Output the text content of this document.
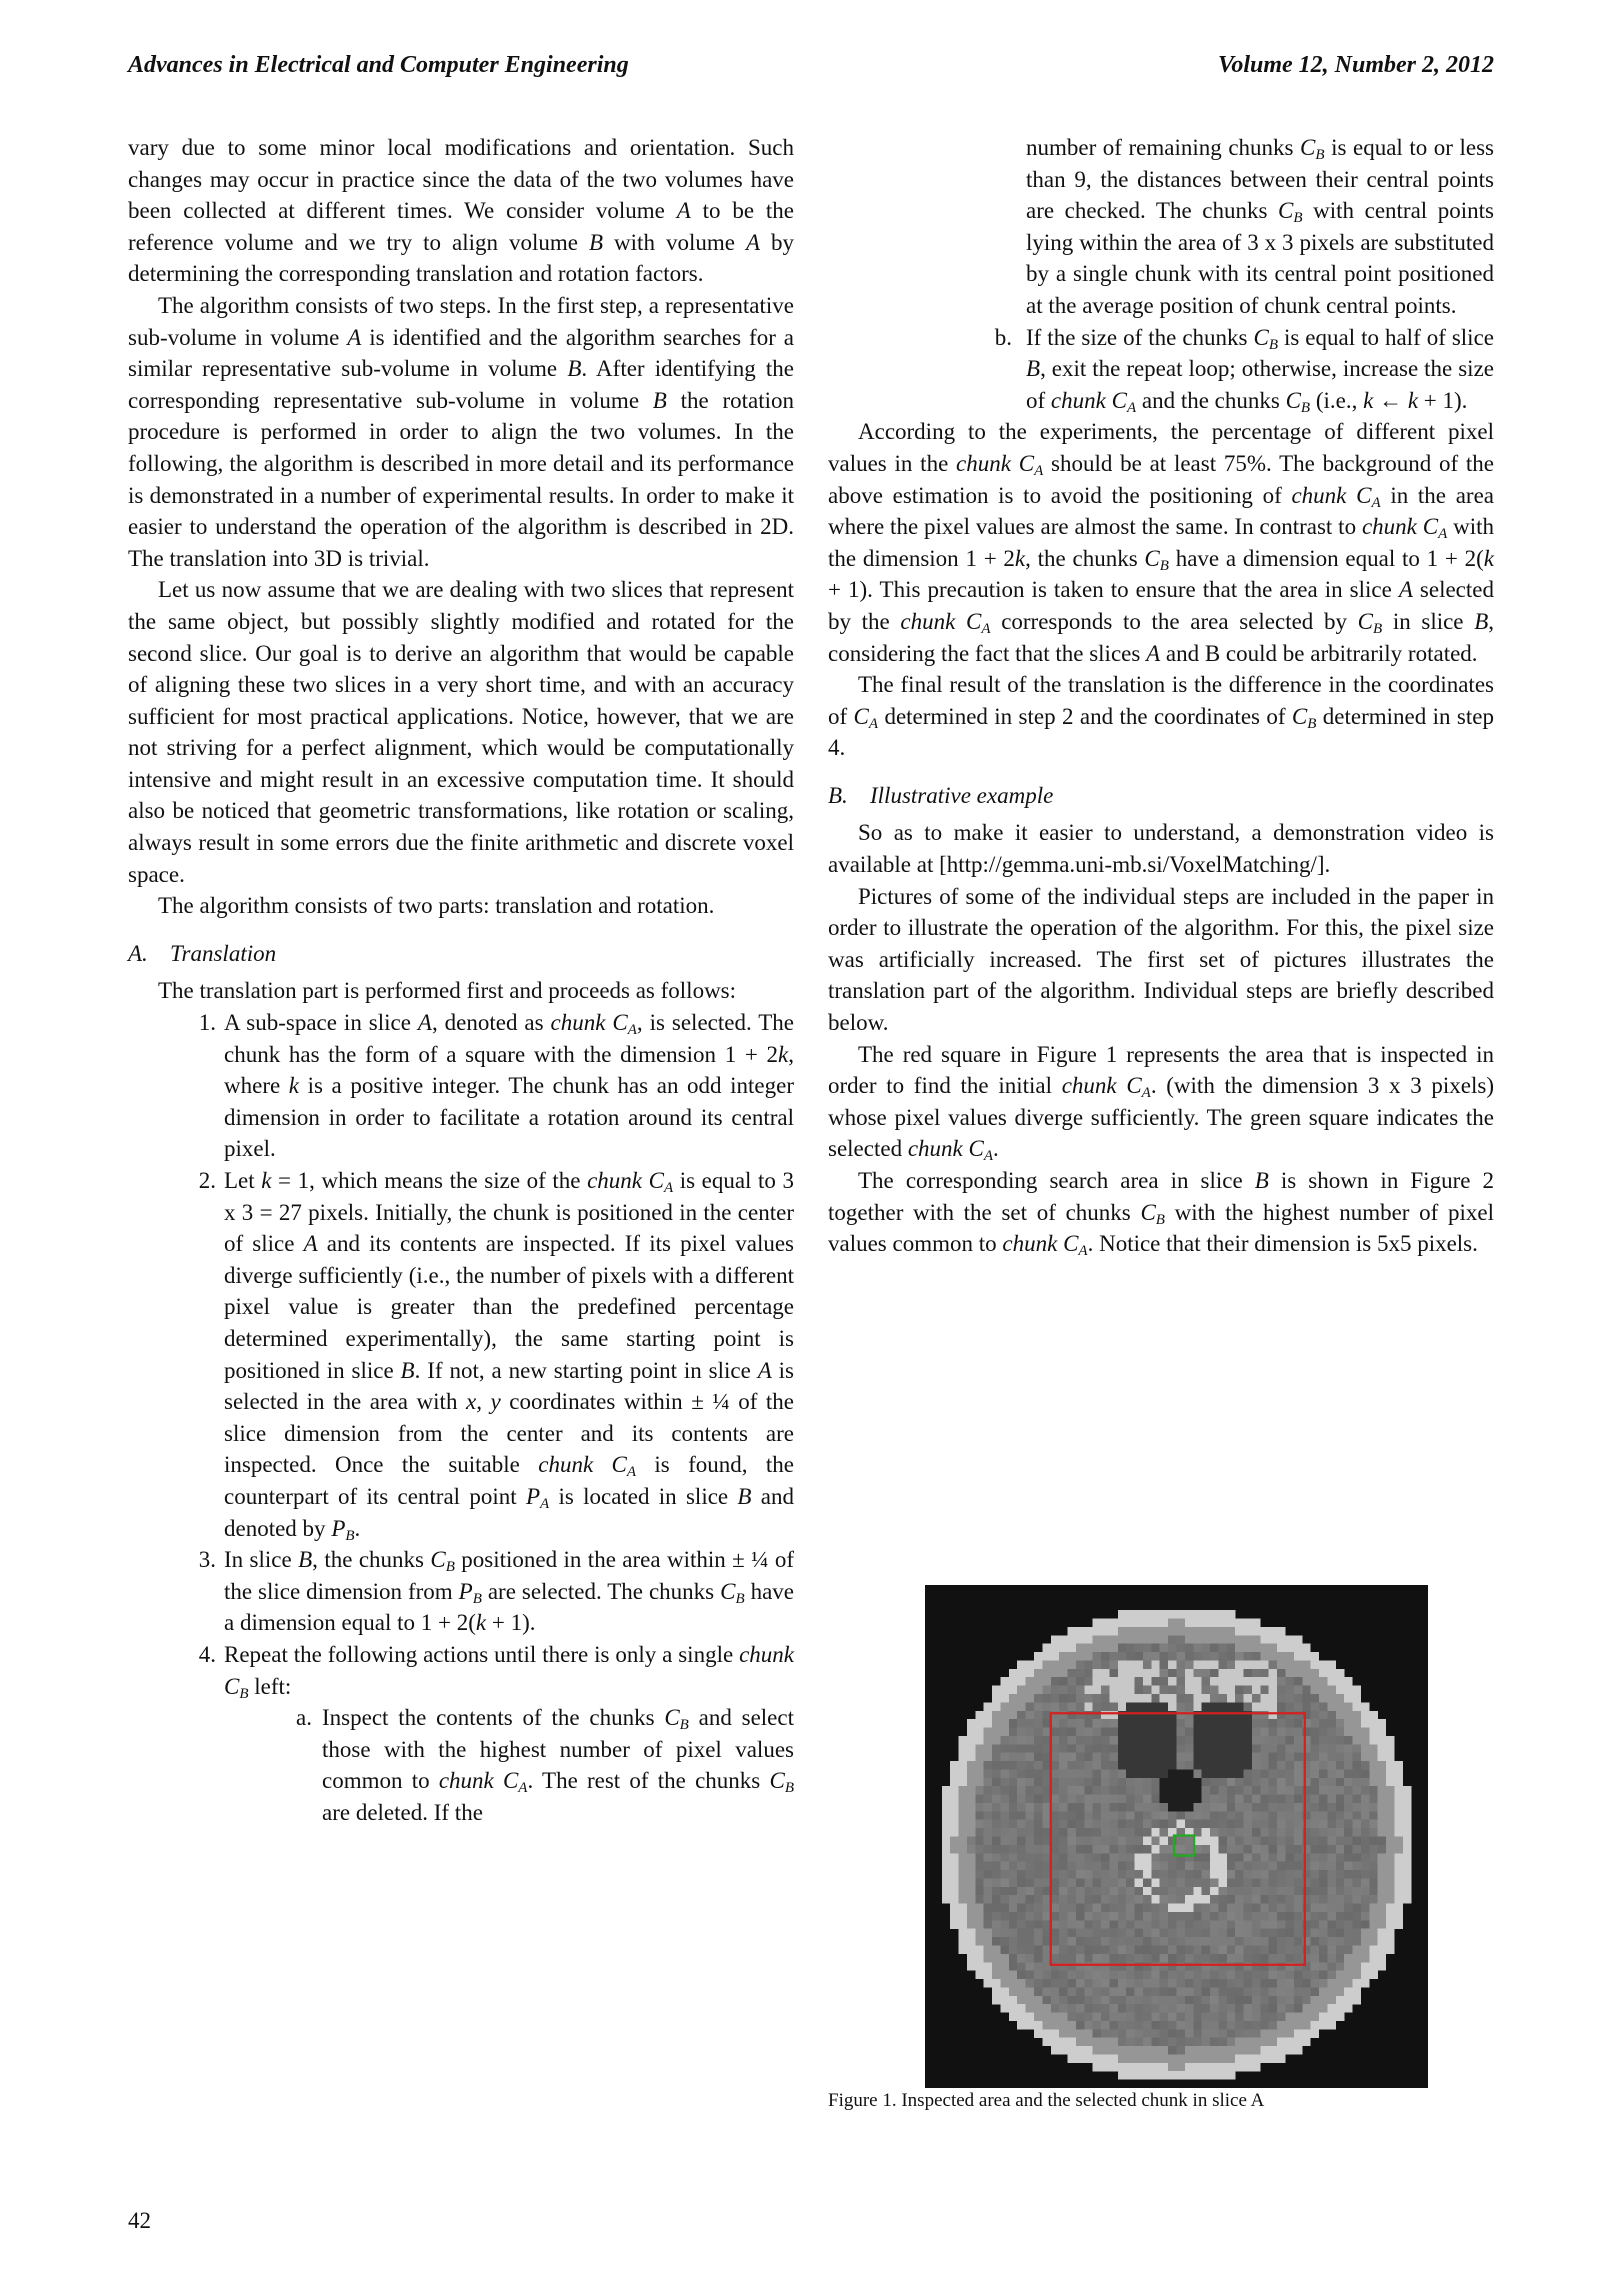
Advances in Electrical and Computer Engineering	Volume 12, Number 2, 2012

vary due to some minor local modifications and orientation. Such changes may occur in practice since the data of the two volumes have been collected at different times. We consider volume A to be the reference volume and we try to align volume B with volume A by determining the corresponding translation and rotation factors.

The algorithm consists of two steps. In the first step, a representative sub-volume in volume A is identified and the algorithm searches for a similar representative sub-volume in volume B. After identifying the corresponding representative sub-volume in volume B the rotation procedure is performed in order to align the two volumes. In the following, the algorithm is described in more detail and its performance is demonstrated in a number of experimental results. In order to make it easier to understand the operation of the algorithm is described in 2D. The translation into 3D is trivial.

Let us now assume that we are dealing with two slices that represent the same object, but possibly slightly modified and rotated for the second slice. Our goal is to derive an algorithm that would be capable of aligning these two slices in a very short time, and with an accuracy sufficient for most practical applications. Notice, however, that we are not striving for a perfect alignment, which would be computationally intensive and might result in an excessive computation time. It should also be noticed that geometric transformations, like rotation or scaling, always result in some errors due the finite arithmetic and discrete voxel space.

The algorithm consists of two parts: translation and rotation.

A. Translation

The translation part is performed first and proceeds as follows:

1. A sub-space in slice A, denoted as chunk $C_A$, is selected. The chunk has the form of a square with the dimension 1 + 2k, where k is a positive integer. The chunk has an odd integer dimension in order to facilitate a rotation around its central pixel.
2. Let k = 1, which means the size of the chunk $C_A$ is equal to 3 x 3 = 27 pixels. Initially, the chunk is positioned in the center of slice A and its contents are inspected. If its pixel values diverge sufficiently (i.e., the number of pixels with a different pixel value is greater than the predefined percentage determined experimentally), the same starting point is positioned in slice B. If not, a new starting point in slice A is selected in the area with x, y coordinates within ± ¼ of the slice dimension from the center and its contents are inspected. Once the suitable chunk $C_A$ is found, the counterpart of its central point $P_A$ is located in slice B and denoted by $P_B$.
3. In slice B, the chunks $C_B$ positioned in the area within ± ¼ of the slice dimension from $P_B$ are selected. The chunks $C_B$ have a dimension equal to 1 + 2(k + 1).
4. Repeat the following actions until there is only a single chunk $C_B$ left:
a. Inspect the contents of the chunks $C_B$ and select those with the highest number of pixel values common to chunk $C_A$. The rest of the chunks $C_B$ are deleted. If the
number of remaining chunks $C_B$ is equal to or less than 9, the distances between their central points are checked. The chunks $C_B$ with central points lying within the area of 3 x 3 pixels are substituted by a single chunk with its central point positioned at the average position of chunk central points.
b. If the size of the chunks $C_B$ is equal to half of slice B, exit the repeat loop; otherwise, increase the size of chunk $C_A$ and the chunks $C_B$ (i.e., k ← k + 1).

According to the experiments, the percentage of different pixel values in the chunk $C_A$ should be at least 75%. The background of the above estimation is to avoid the positioning of chunk $C_A$ in the area where the pixel values are almost the same. In contrast to chunk $C_A$ with the dimension 1 + 2k, the chunks $C_B$ have a dimension equal to 1 + 2(k + 1). This precaution is taken to ensure that the area in slice A selected by the chunk $C_A$ corresponds to the area selected by $C_B$ in slice B, considering the fact that the slices A and B could be arbitrarily rotated.

The final result of the translation is the difference in the coordinates of $C_A$ determined in step 2 and the coordinates of $C_B$ determined in step 4.

B. Illustrative example

So as to make it easier to understand, a demonstration video is available at [http://gemma.uni-mb.si/VoxelMatching/].

Pictures of some of the individual steps are included in the paper in order to illustrate the operation of the algorithm. For this, the pixel size was artificially increased. The first set of pictures illustrates the translation part of the algorithm. Individual steps are briefly described below.

The red square in Figure 1 represents the area that is inspected in order to find the initial chunk $C_A$. (with the dimension 3 x 3 pixels) whose pixel values diverge sufficiently. The green square indicates the selected chunk $C_A$.

The corresponding search area in slice B is shown in Figure 2 together with the set of chunks $C_B$ with the highest number of pixel values common to chunk $C_A$. Notice that their dimension is 5x5 pixels.

Figure 1. Inspected area and the selected chunk in slice A
42
